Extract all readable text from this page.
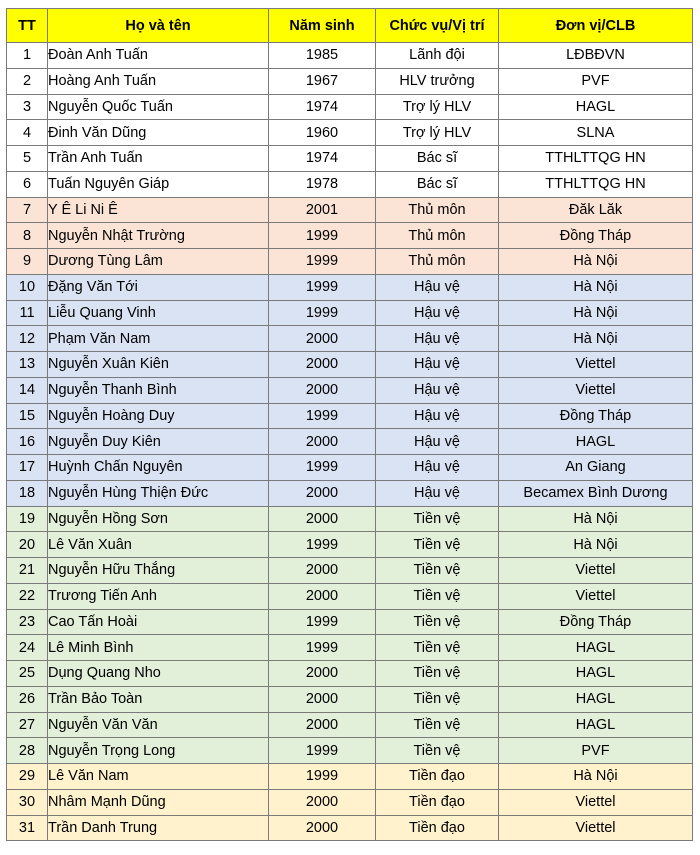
TT	Họ và tên	Năm sinh	Chức vụ/Vị trí	Đơn vị/CLB
1	Đoàn Anh Tuấn	1985	Lãnh đội	LĐBĐVN
2	Hoàng Anh Tuấn	1967	HLV trưởng	PVF
3	Nguyễn Quốc Tuấn	1974	Trợ lý HLV	HAGL
4	Đinh Văn Dũng	1960	Trợ lý HLV	SLNA
5	Trần Anh Tuấn	1974	Bác sĩ	TTHLTTQG HN
6	Tuấn Nguyên Giáp	1978	Bác sĩ	TTHLTTQG HN
7	Y Ê Li Ni Ê	2001	Thủ môn	Đăk Lăk
8	Nguyễn Nhật Trường	1999	Thủ môn	Đồng Tháp
9	Dương Tùng Lâm	1999	Thủ môn	Hà Nội
10	Đặng Văn Tới	1999	Hậu vệ	Hà Nội
11	Liễu Quang Vinh	1999	Hậu vệ	Hà Nội
12	Phạm Văn Nam	2000	Hậu vệ	Hà Nội
13	Nguyễn Xuân Kiên	2000	Hậu vệ	Viettel
14	Nguyễn Thanh Bình	2000	Hậu vệ	Viettel
15	Nguyễn Hoàng Duy	1999	Hậu vệ	Đồng Tháp
16	Nguyễn Duy Kiên	2000	Hậu vệ	HAGL
17	Huỳnh Chấn Nguyên	1999	Hậu vệ	An Giang
18	Nguyễn Hùng Thiện Đức	2000	Hậu vệ	Becamex Bình Dương
19	Nguyễn Hồng Sơn	2000	Tiền vệ	Hà Nội
20	Lê Văn Xuân	1999	Tiền vệ	Hà Nội
21	Nguyễn Hữu Thắng	2000	Tiền vệ	Viettel
22	Trương Tiến Anh	2000	Tiền vệ	Viettel
23	Cao Tấn Hoài	1999	Tiền vệ	Đồng Tháp
24	Lê Minh Bình	1999	Tiền vệ	HAGL
25	Dụng Quang Nho	2000	Tiền vệ	HAGL
26	Trần Bảo Toàn	2000	Tiền vệ	HAGL
27	Nguyễn Văn Văn	2000	Tiền vệ	HAGL
28	Nguyễn Trọng Long	1999	Tiền vệ	PVF
29	Lê Văn Nam	1999	Tiền đạo	Hà Nội
30	Nhâm Mạnh Dũng	2000	Tiền đạo	Viettel
31	Trần Danh Trung	2000	Tiền đạo	Viettel
